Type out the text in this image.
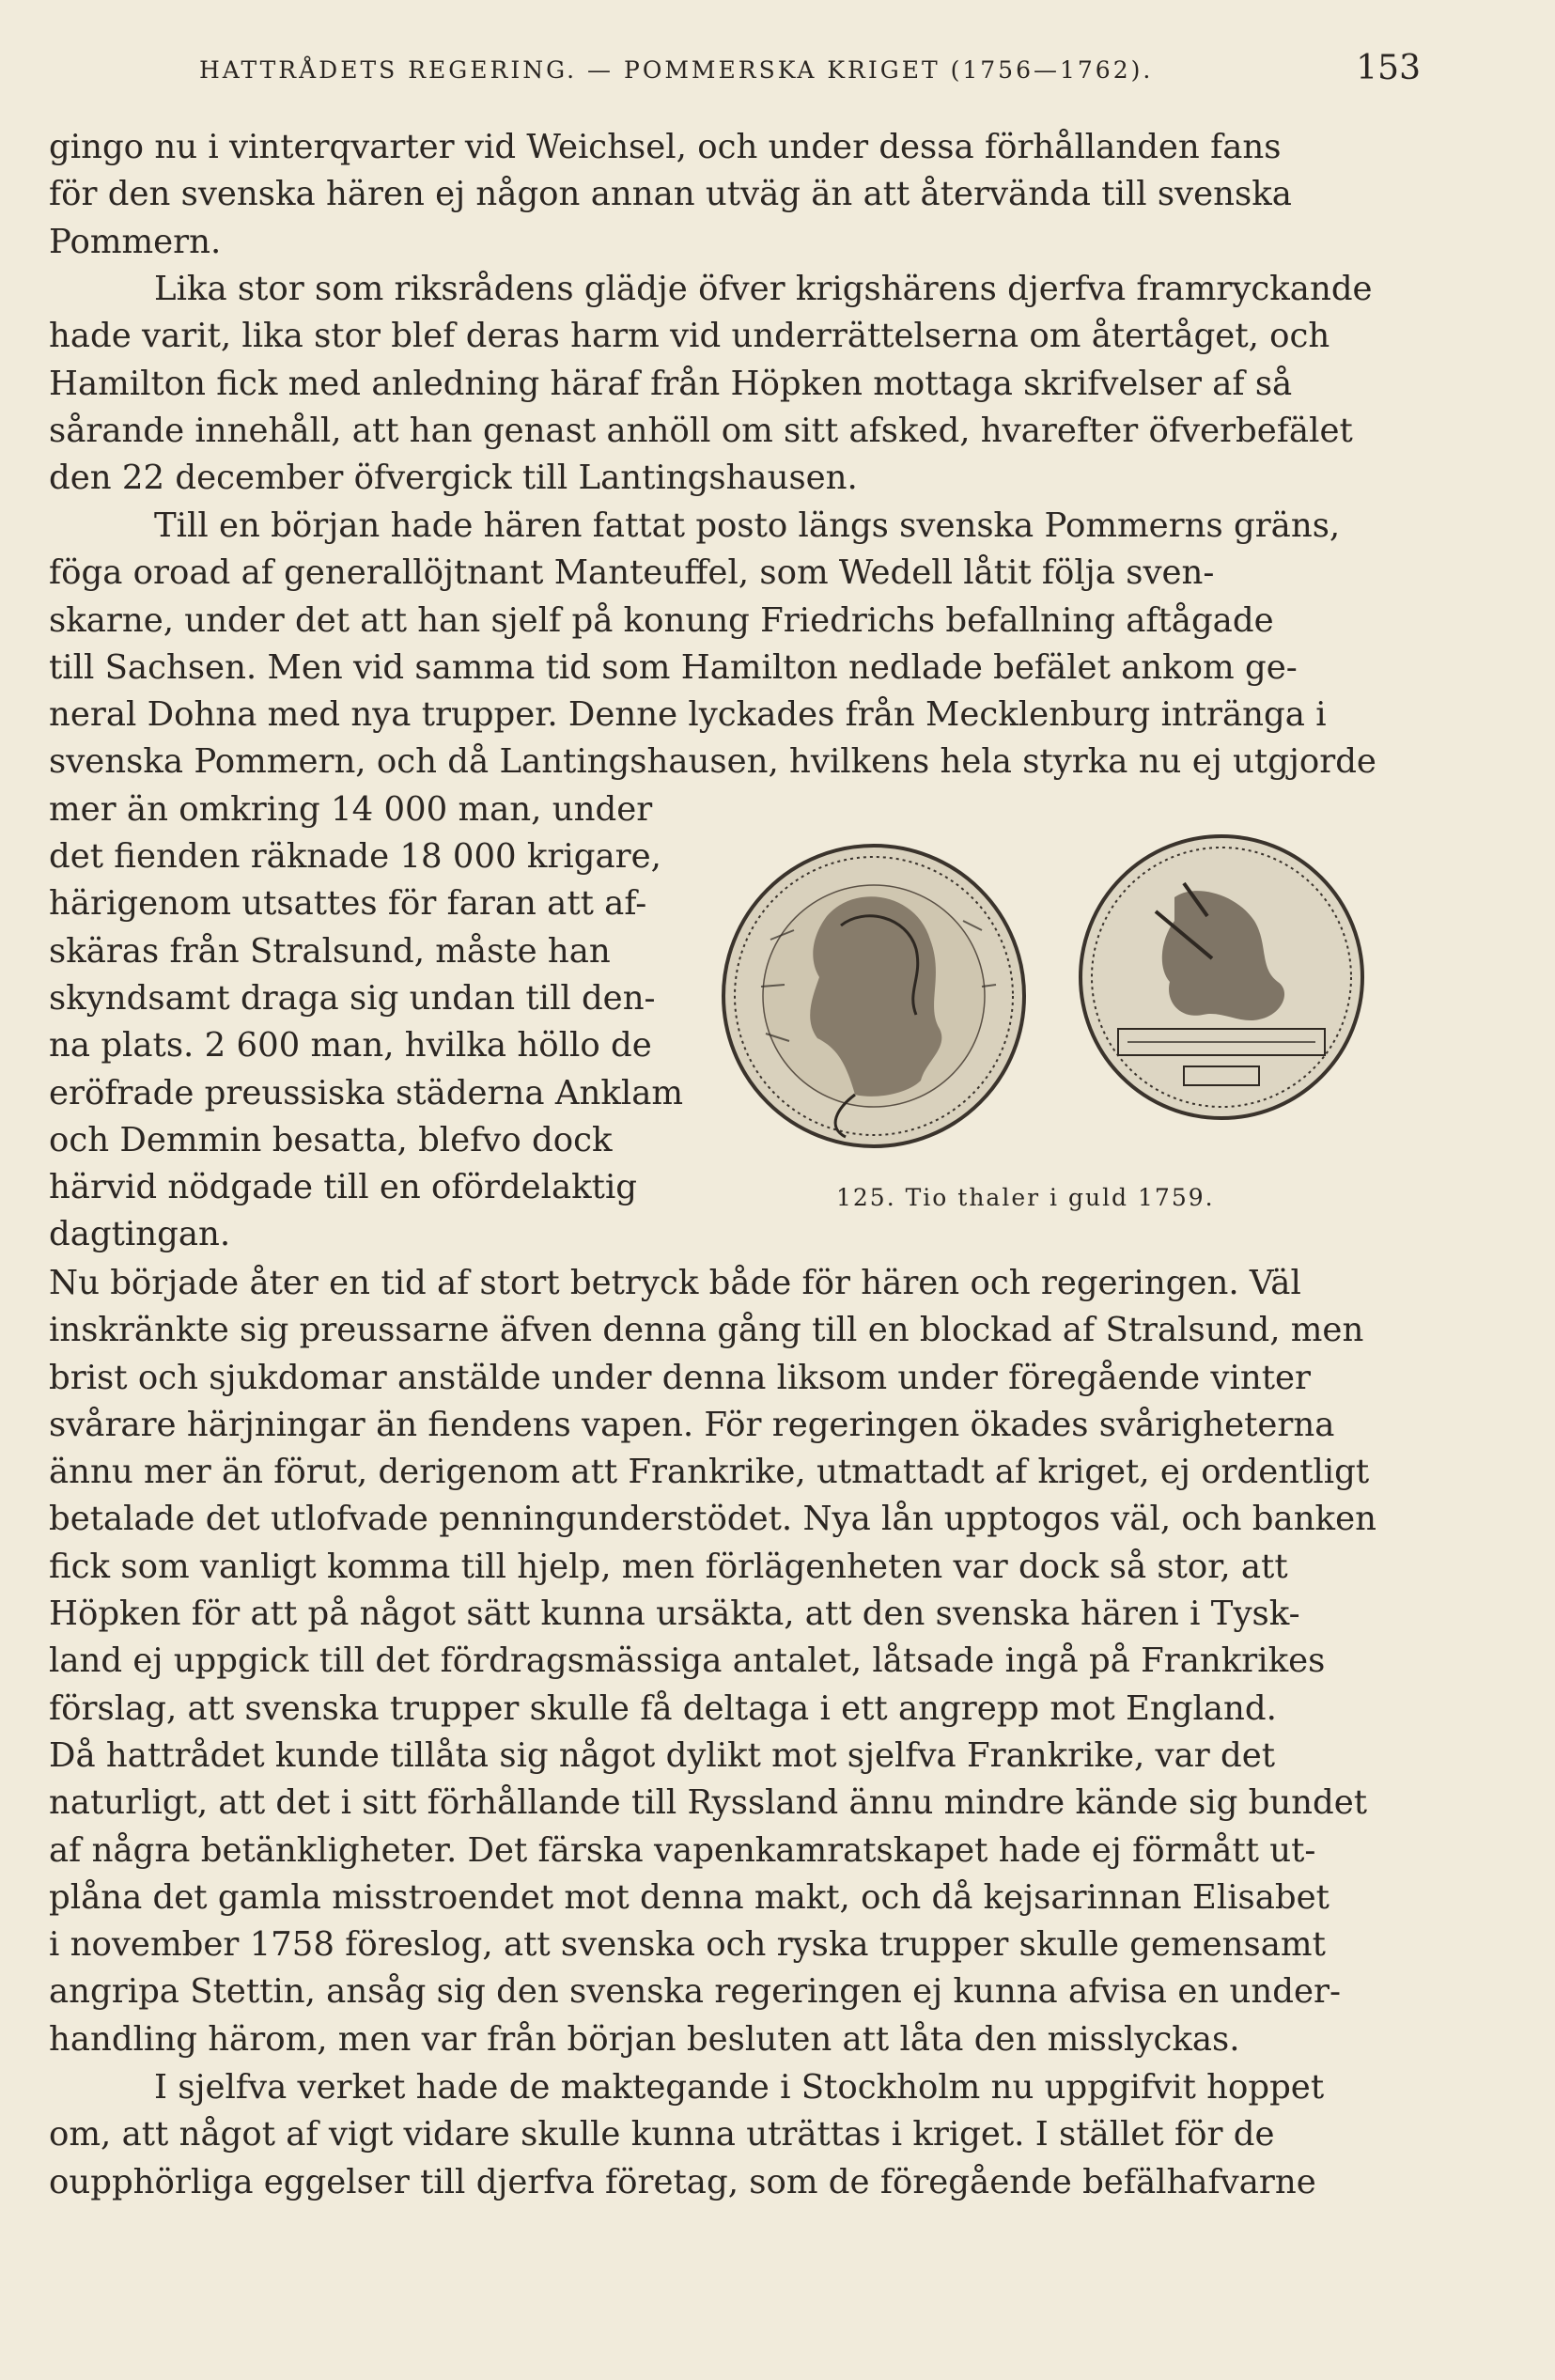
HATTRÅDETS REGERING. — POMMERSKA KRIGET (1756—1762).	153

gingo nu i vinterqvarter vid Weichsel, och under dessa förhållanden fans
för den svenska hären ej någon annan utväg än att återvända till svenska
Pommern.

Lika stor som riksrådens glädje öfver krigshärens djerfva framryckande
hade varit, lika stor blef deras harm vid underrättelserna om återtåget, och
Hamilton fick med anledning häraf från Höpken mottaga skrifvelser af så
sårande innehåll, att han genast anhöll om sitt afsked, hvarefter öfverbefälet
den 22 december öfvergick till Lantingshausen.

Till en början hade hären fattat posto längs svenska Pommerns gräns,
föga oroad af generallöjtnant Manteuffel, som Wedell låtit följa sven-
skarne, under det att han sjelf på konung Friedrichs befallning aftågade
till Sachsen. Men vid samma tid som Hamilton nedlade befälet ankom ge-
neral Dohna med nya trupper. Denne lyckades från Mecklenburg intränga i
svenska Pommern, och då Lantingshausen, hvilkens hela styrka nu ej utgjorde
mer än omkring 14 000 man, under
det fienden räknade 18 000 krigare,
härigenom utsattes för faran att af-
skäras från Stralsund, måste han
skyndsamt draga sig undan till den-
na plats. 2 600 man, hvilka höllo de
eröfrade preussiska städerna Anklam
och Demmin besatta, blefvo dock
härvid nödgade till en ofördelaktig
dagtingan.

125. Tio thaler i guld 1759.

Nu började åter en tid af stort betryck både för hären och regeringen. Väl
inskränkte sig preussarne äfven denna gång till en blockad af Stralsund, men
brist och sjukdomar anstälde under denna liksom under föregående vinter
svårare härjningar än fiendens vapen. För regeringen ökades svårigheterna
ännu mer än förut, derigenom att Frankrike, utmattadt af kriget, ej ordentligt
betalade det utlofvade penningunderstödet. Nya lån upptogos väl, och banken
fick som vanligt komma till hjelp, men förlägenheten var dock så stor, att
Höpken för att på något sätt kunna ursäkta, att den svenska hären i Tysk-
land ej uppgick till det fördragsmässiga antalet, låtsade ingå på Frankrikes
förslag, att svenska trupper skulle få deltaga i ett angrepp mot England.
Då hattrådet kunde tillåta sig något dylikt mot sjelfva Frankrike, var det
naturligt, att det i sitt förhållande till Ryssland ännu mindre kände sig bundet
af några betänkligheter. Det färska vapenkamratskapet hade ej förmått ut-
plåna det gamla misstroendet mot denna makt, och då kejsarinnan Elisabet
i november 1758 föreslog, att svenska och ryska trupper skulle gemensamt
angripa Stettin, ansåg sig den svenska regeringen ej kunna afvisa en under-
handling härom, men var från början besluten att låta den misslyckas.

I sjelfva verket hade de maktegande i Stockholm nu uppgifvit hoppet
om, att något af vigt vidare skulle kunna uträttas i kriget. I stället för de
oupphörliga eggelser till djerfva företag, som de föregående befälhafvarne
